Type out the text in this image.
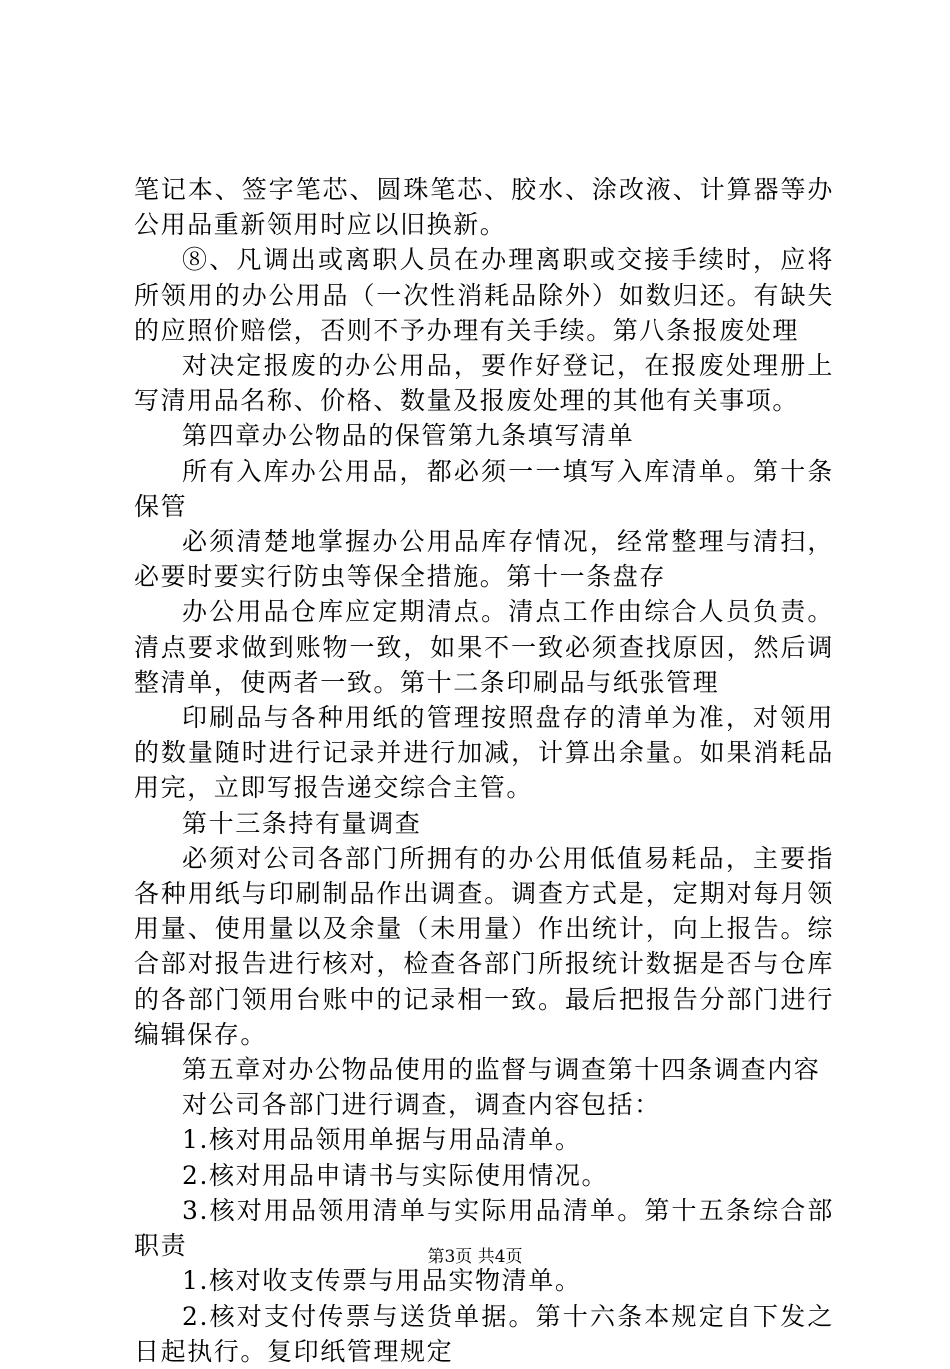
笔记本、签字笔芯、圆珠笔芯、胶水、涂改液、计算器等办公用品重新领用时应以旧换新。

⑧、凡调出或离职人员在办理离职或交接手续时，应将所领用的办公用品（一次性消耗品除外）如数归还。有缺失的应照价赔偿，否则不予办理有关手续。第八条报废处理

对决定报废的办公用品，要作好登记，在报废处理册上写清用品名称、价格、数量及报废处理的其他有关事项。

第四章办公物品的保管第九条填写清单

所有入库办公用品，都必须一一填写入库清单。第十条保管

必须清楚地掌握办公用品库存情况，经常整理与清扫，必要时要实行防虫等保全措施。第十一条盘存

办公用品仓库应定期清点。清点工作由综合人员负责。清点要求做到账物一致，如果不一致必须查找原因，然后调整清单，使两者一致。第十二条印刷品与纸张管理

印刷品与各种用纸的管理按照盘存的清单为准，对领用的数量随时进行记录并进行加减，计算出余量。如果消耗品用完，立即写报告递交综合主管。

第十三条持有量调查

必须对公司各部门所拥有的办公用低值易耗品，主要指各种用纸与印刷制品作出调查。调查方式是，定期对每月领用量、使用量以及余量（未用量）作出统计，向上报告。综合部对报告进行核对，检查各部门所报统计数据是否与仓库的各部门领用台账中的记录相一致。最后把报告分部门进行编辑保存。

第五章对办公物品使用的监督与调查第十四条调查内容

对公司各部门进行调查，调查内容包括：

1.核对用品领用单据与用品清单。

2.核对用品申请书与实际使用情况。

3.核对用品领用清单与实际用品清单。第十五条综合部职责

1.核对收支传票与用品实物清单。

2.核对支付传票与送货单据。第十六条本规定自下发之日起执行。复印纸管理规定

第3页 共4页
